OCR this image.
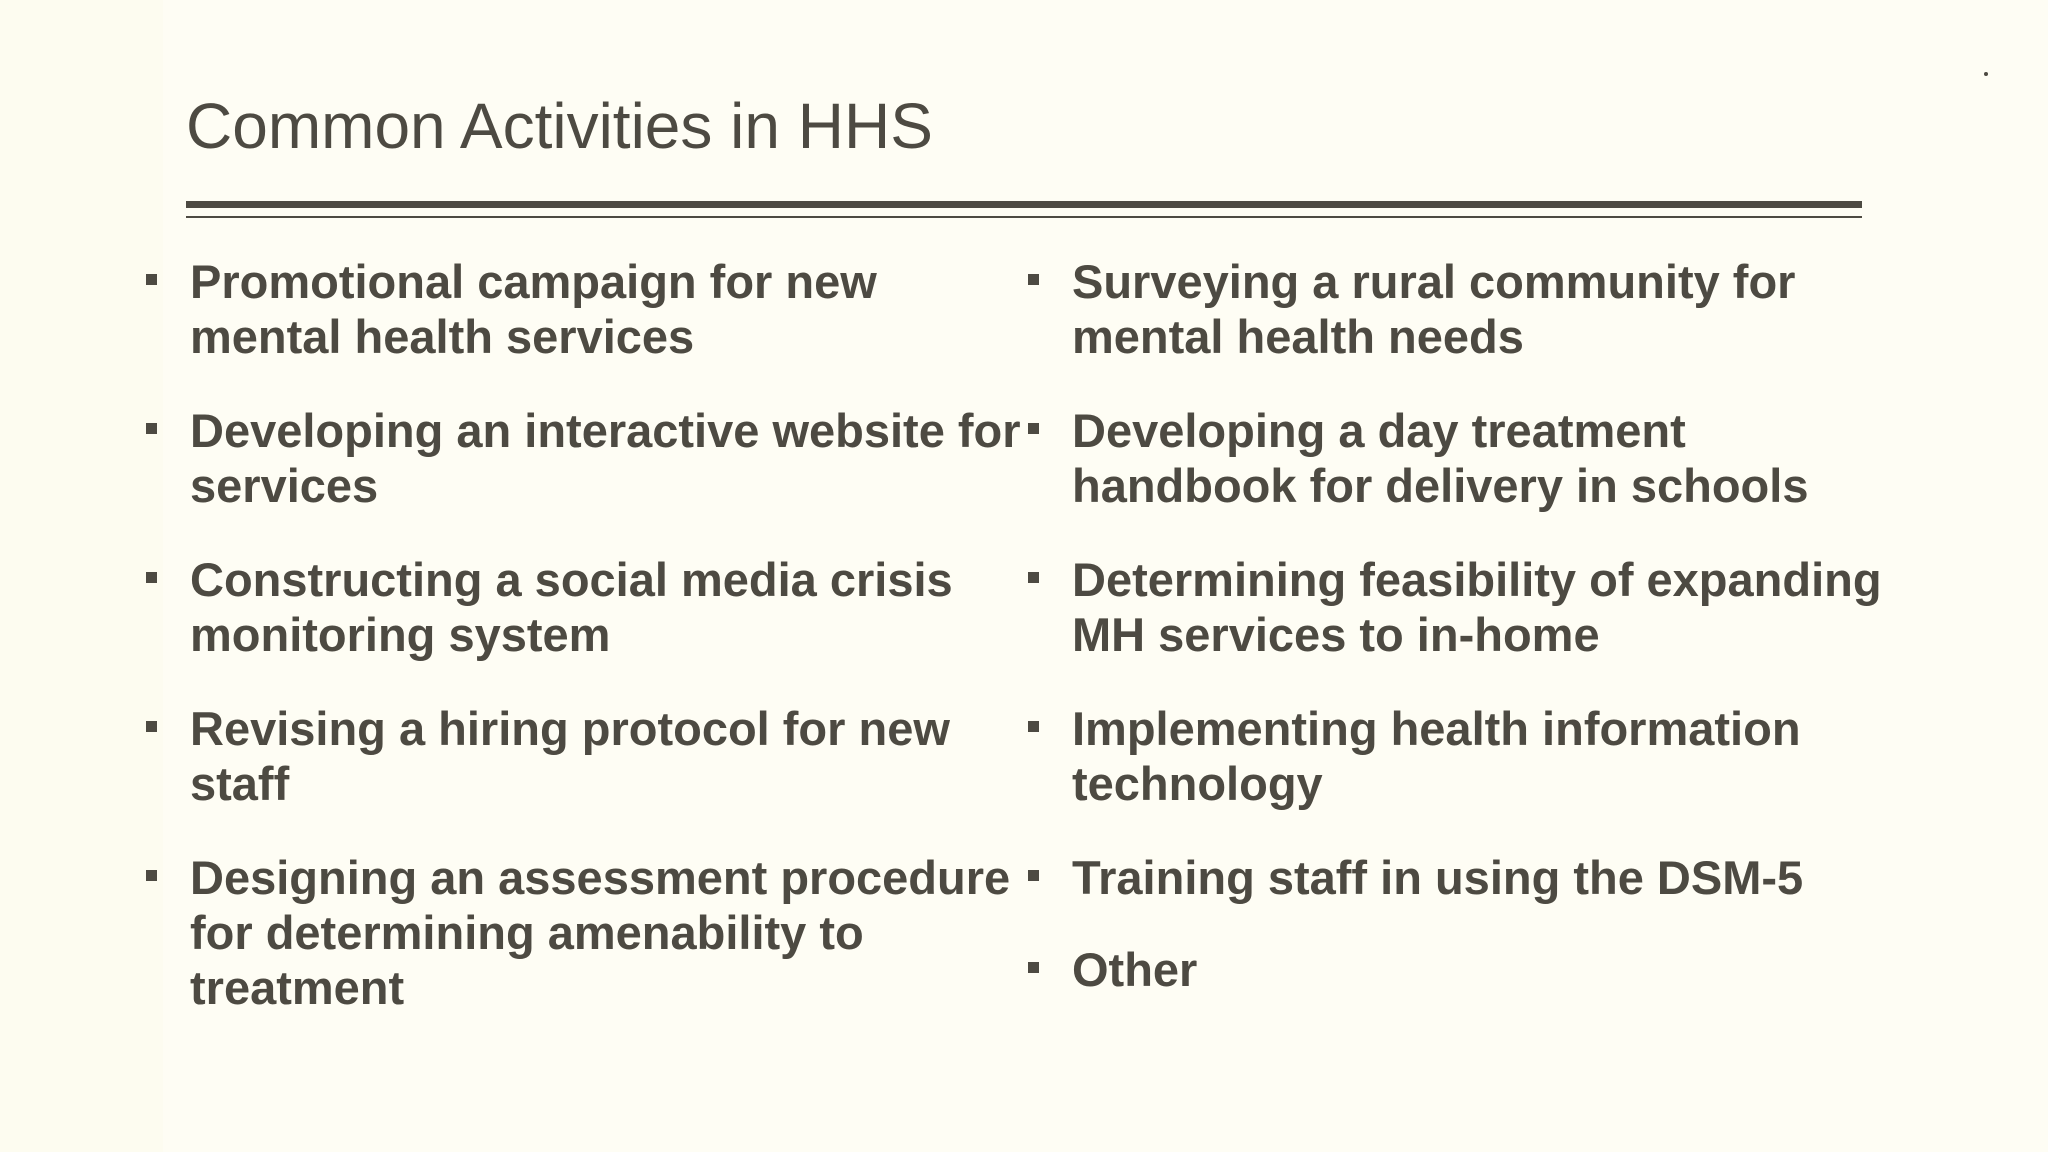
Common Activities in HHS
Promotional campaign for new mental health services
Developing an interactive website for services
Constructing a social media crisis monitoring system
Revising a hiring protocol for new staff
Designing an assessment procedure for determining amenability to treatment
Surveying a rural community for mental health needs
Developing a day treatment handbook for delivery in schools
Determining feasibility of expanding MH services to in-home
Implementing health information technology
Training staff in using the DSM-5
Other
